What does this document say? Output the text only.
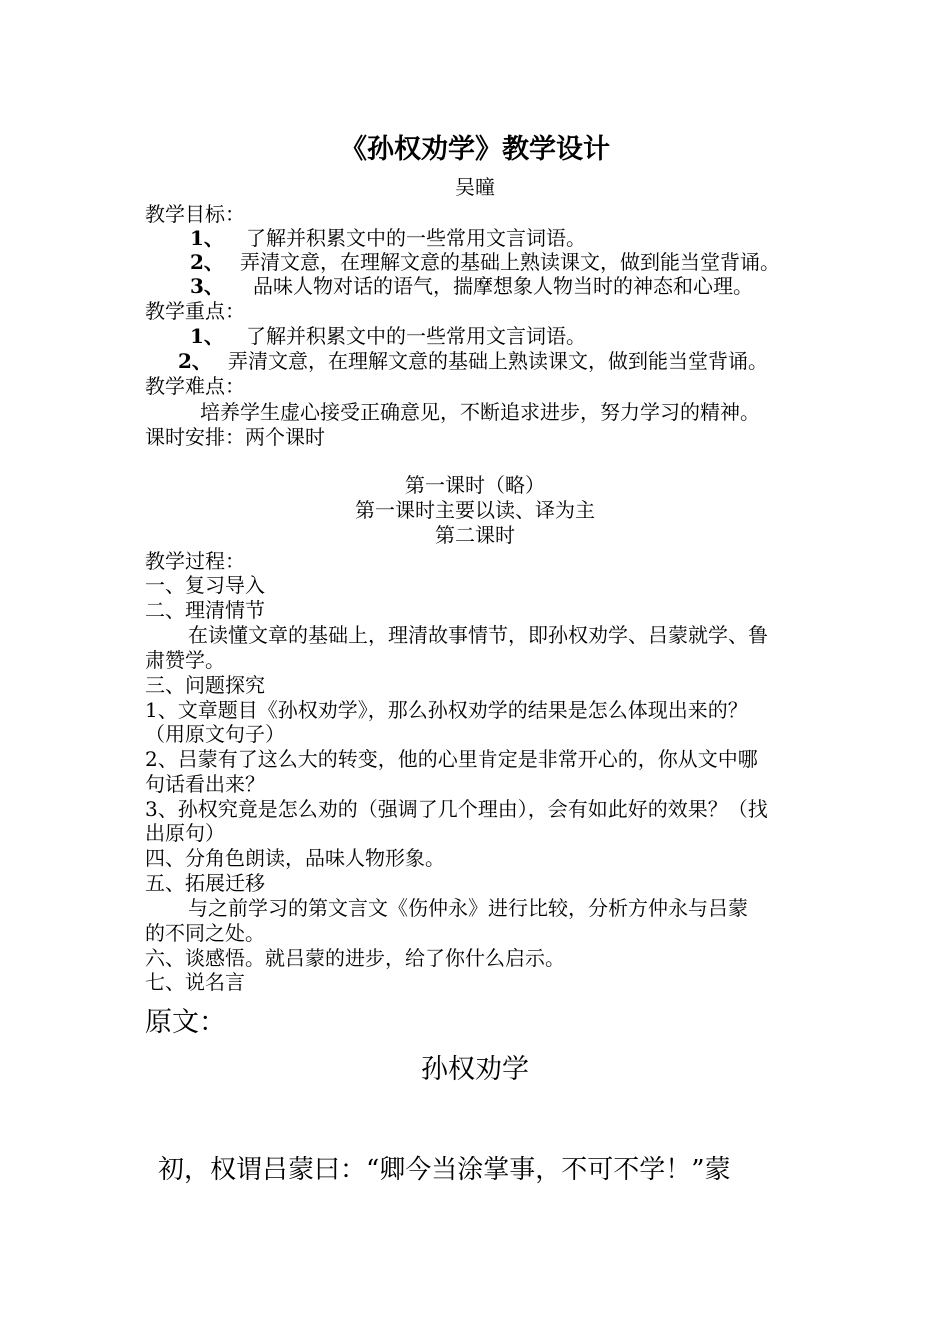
《孙权劝学》教学设计
吴曈
教学目标：
1、 了解并积累文中的一些常用文言词语。
2、 弄清文意，在理解文意的基础上熟读课文，做到能当堂背诵。
3、 品味人物对话的语气，揣摩想象人物当时的神态和心理。
教学重点：
1、 了解并积累文中的一些常用文言词语。
2、 弄清文意，在理解文意的基础上熟读课文，做到能当堂背诵。
教学难点：
培养学生虚心接受正确意见，不断追求进步，努力学习的精神。
课时安排：两个课时
第一课时（略）
第一课时主要以读、译为主
第二课时
教学过程：
一、复习导入
二、理清情节
在读懂文章的基础上，理清故事情节，即孙权劝学、吕蒙就学、鲁
肃赞学。
三、问题探究
1、文章题目《孙权劝学》，那么孙权劝学的结果是怎么体现出来的？
（用原文句子）
2、吕蒙有了这么大的转变，他的心里肯定是非常开心的，你从文中哪
句话看出来？
3、孙权究竟是怎么劝的（强调了几个理由），会有如此好的效果？（找
出原句）
四、分角色朗读，品味人物形象。
五、拓展迁移
与之前学习的第文言文《伤仲永》进行比较，分析方仲永与吕蒙
的不同之处。
六、谈感悟。就吕蒙的进步，给了你什么启示。
七、说名言
原文：
孙权劝学
初，权谓吕蒙曰：“卿今当涂掌事，不可不学！”蒙
